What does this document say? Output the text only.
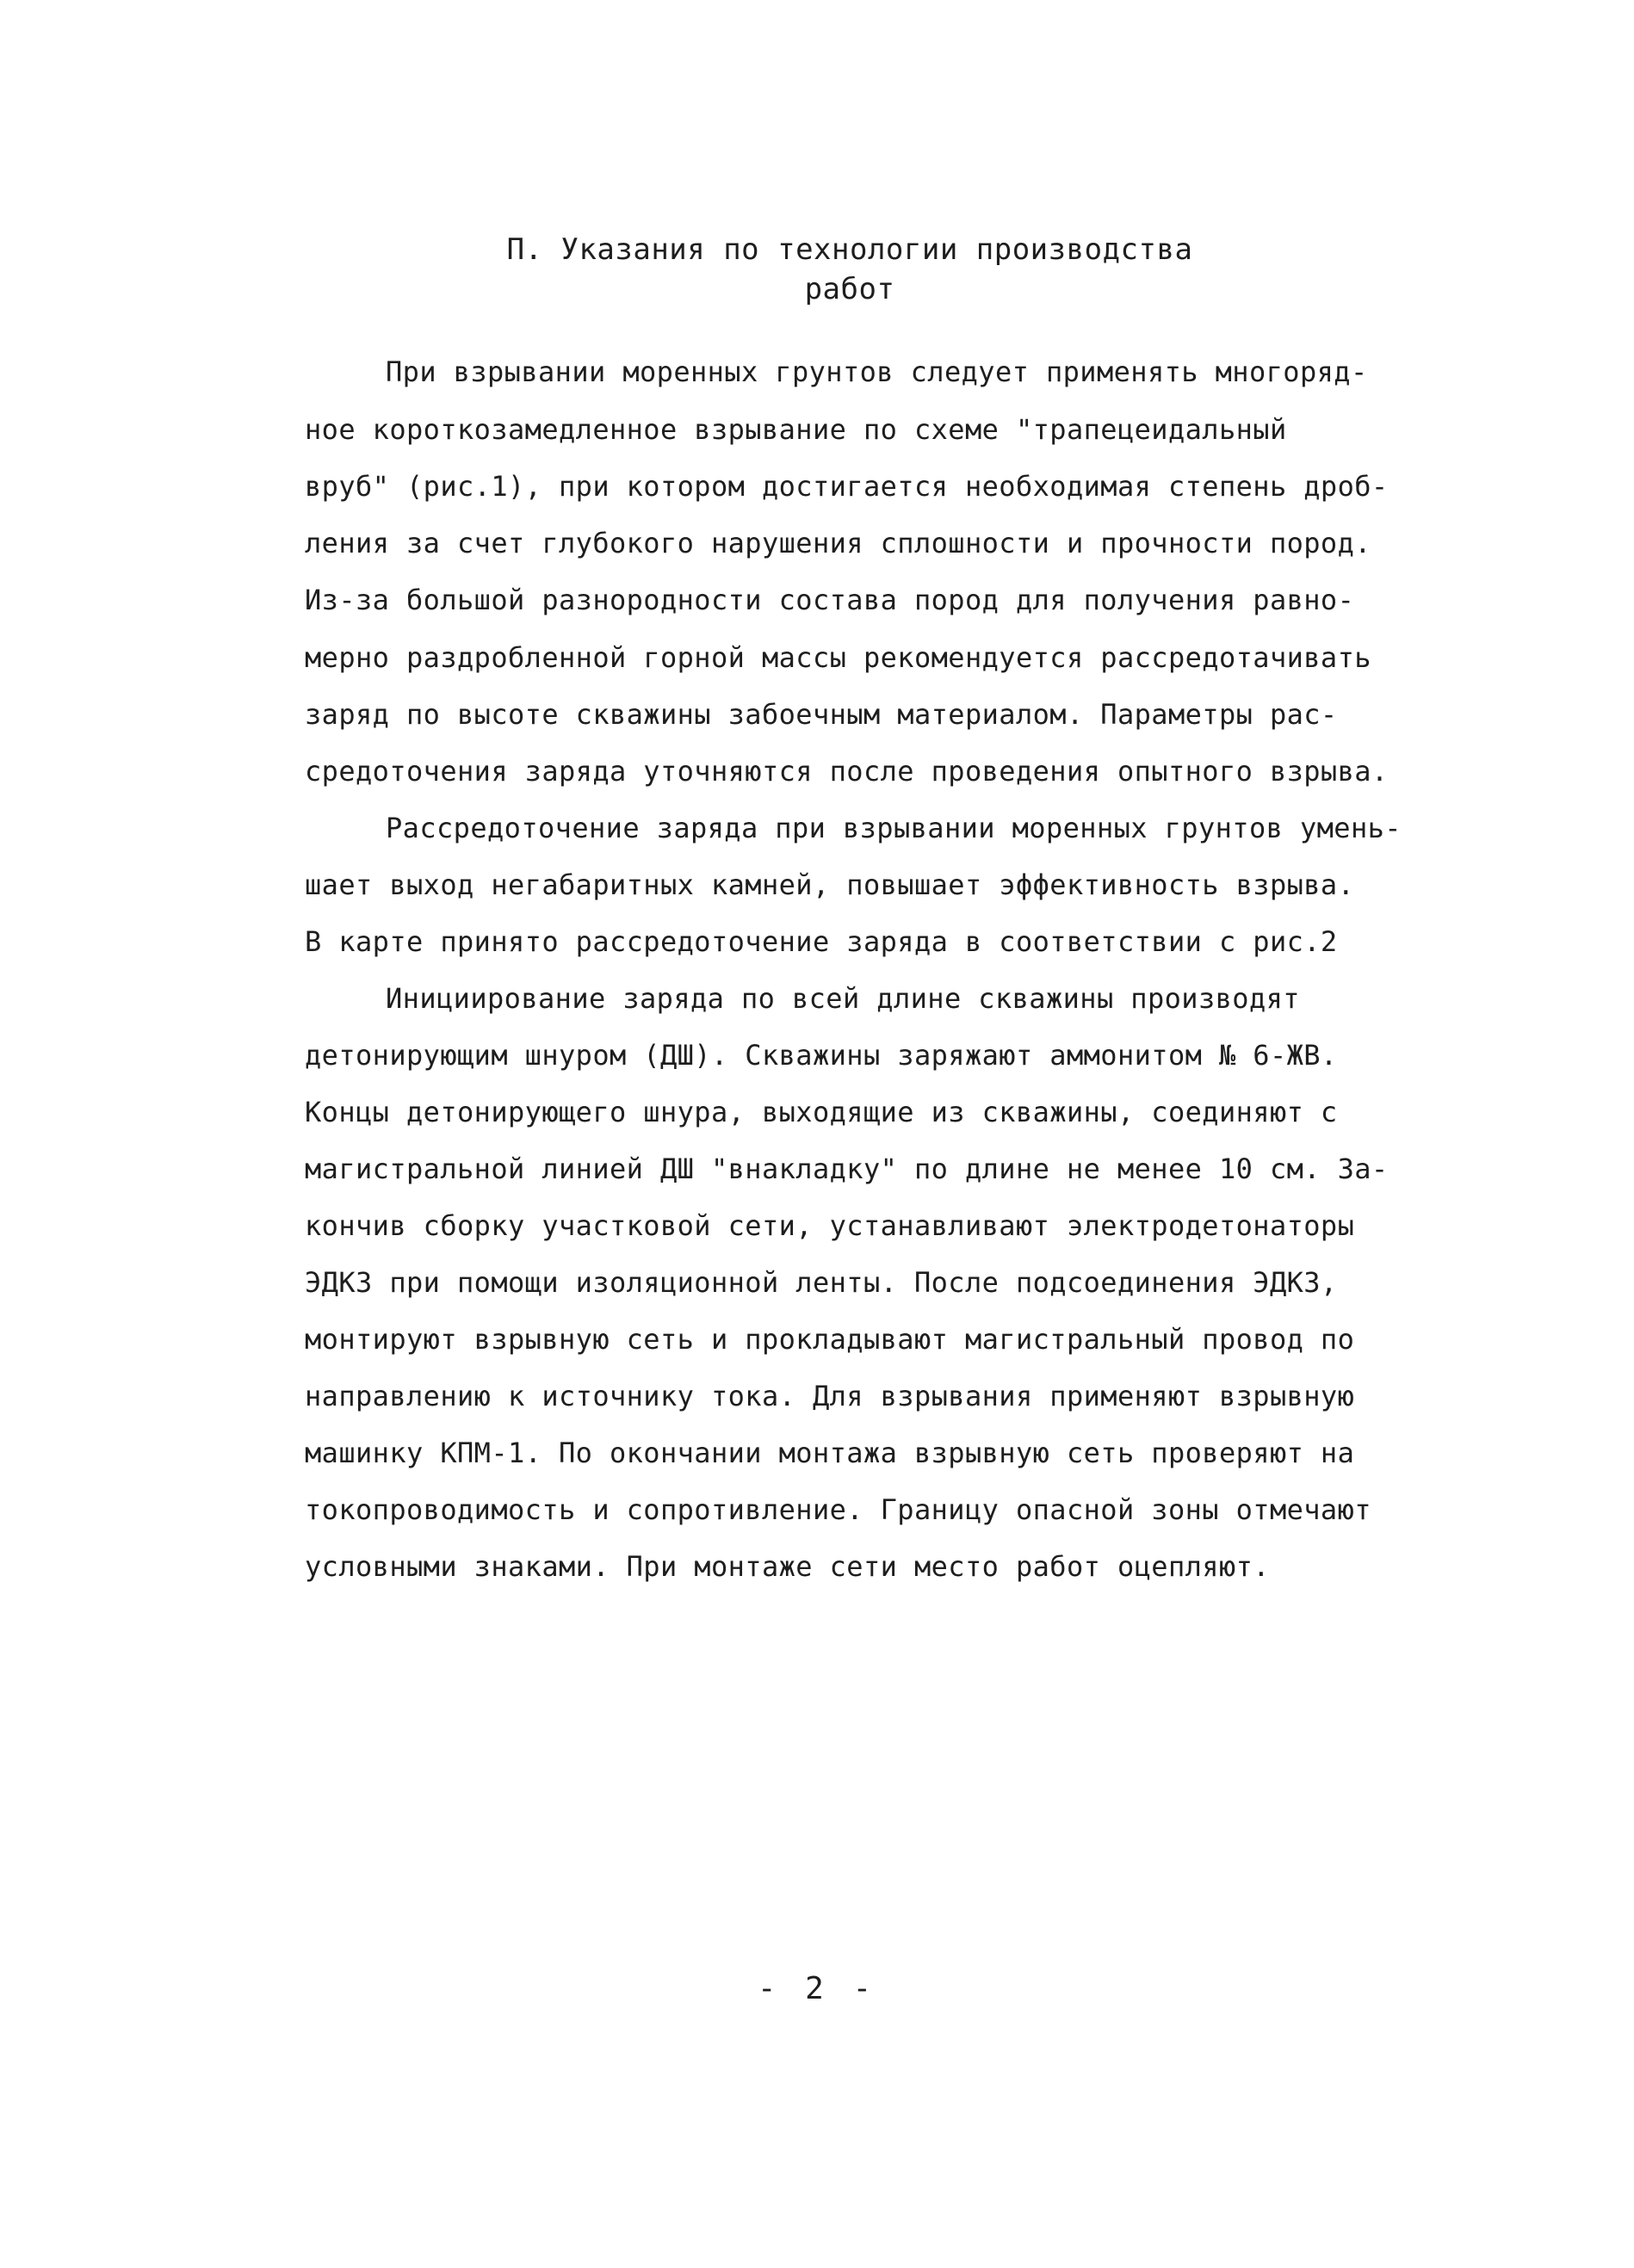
П. Указания по технологии производства
работ
При взрывании моренных грунтов следует применять многоряд-
ное короткозамедленное взрывание по схеме "трапецеидальный
вруб" (рис.1), при котором достигается необходимая степень дроб-
ления за счет глубокого нарушения сплошности и прочности пород.
Из-за большой разнородности состава пород для получения равно-
мерно раздробленной горной массы рекомендуется рассредотачивать
заряд по высоте скважины забоечным материалом. Параметры рас-
средоточения заряда уточняются после проведения опытного взрыва.
Рассредоточение заряда при взрывании моренных грунтов умень-
шает выход негабаритных камней, повышает эффективность взрыва.
В карте принято рассредоточение заряда в соответствии с рис.2
Инициирование заряда по всей длине скважины производят
детонирующим шнуром (ДШ). Скважины заряжают аммонитом № 6-ЖВ.
Концы детонирующего шнура, выходящие из скважины, соединяют с
магистральной линией ДШ "внакладку" по длине не менее 10 см. За-
кончив сборку участковой сети, устанавливают электродетонаторы
ЭДКЗ при помощи изоляционной ленты. После подсоединения ЭДКЗ,
монтируют взрывную сеть и прокладывают магистральный провод по
направлению к источнику тока. Для взрывания применяют взрывную
машинку КПМ-1. По окончании монтажа взрывную сеть проверяют на
токопроводимость и сопротивление. Границу опасной зоны отмечают
условными знаками. При монтаже сети место работ оцепляют.
- 2 -
